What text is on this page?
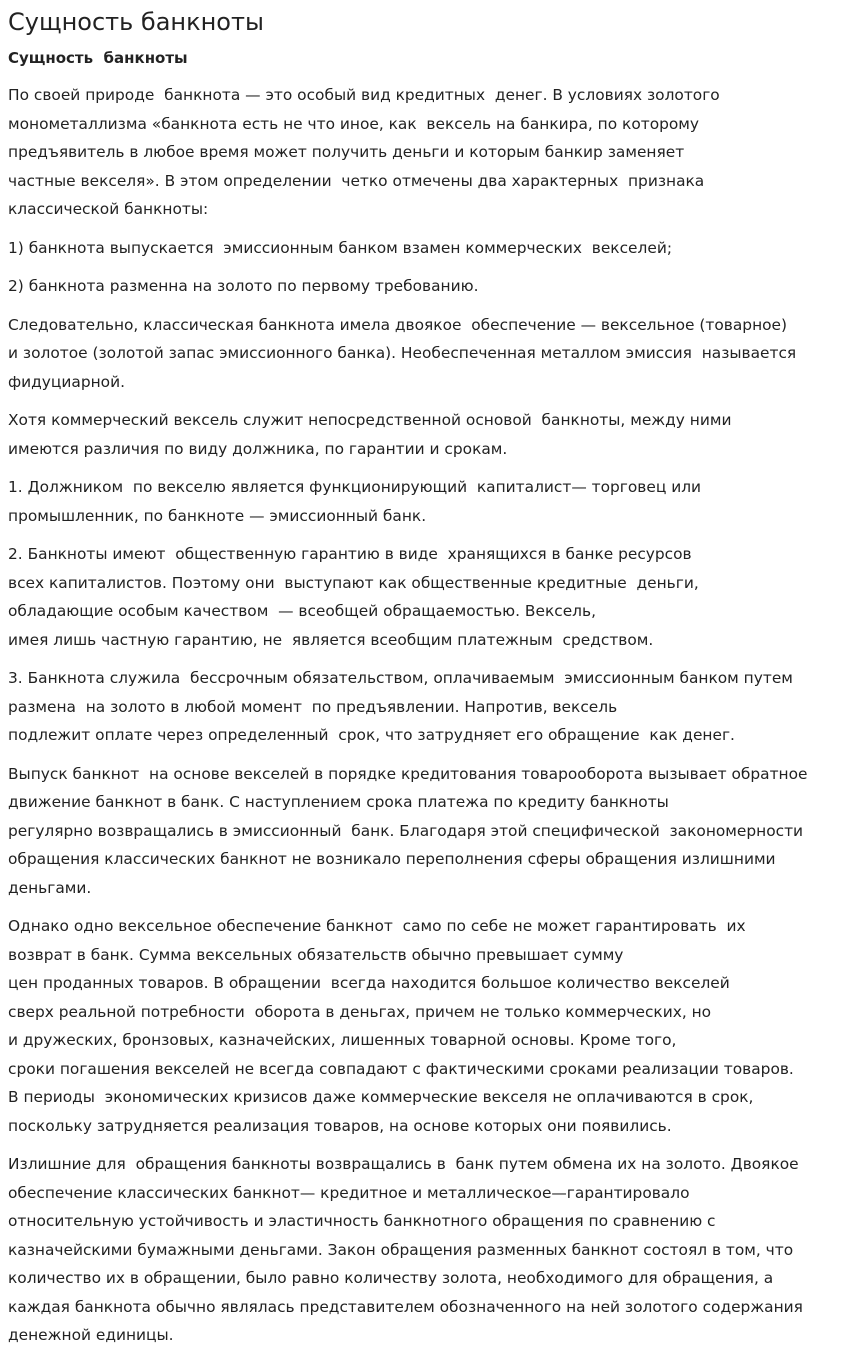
Сущность банкноты
Сущность  банкноты
По своей природе  банкнота — это особый вид кредитных  денег. В условиях золотого
монометаллизма «банкнота есть не что иное, как  вексель на банкира, по которому
предъявитель в любое время может получить деньги и которым банкир заменяет
частные векселя». В этом определении  четко отмечены два характерных  признака
классической банкноты:
1) банкнота выпускается  эмиссионным банком взамен коммерческих  векселей;
2) банкнота разменна на золото по первому требованию.
Следовательно, классическая банкнота имела двоякое  обеспечение — вексельное (товарное)
и золотое (золотой запас эмиссионного банка). Необеспеченная металлом эмиссия  называется
фидуциарной.
Хотя коммерческий вексель служит непосредственной основой  банкноты, между ними
имеются различия по виду должника, по гарантии и срокам.
1. Должником  по векселю является функционирующий  капиталист— торговец или
промышленник, по банкноте — эмиссионный банк.
2. Банкноты имеют  общественную гарантию в виде  хранящихся в банке ресурсов
всех капиталистов. Поэтому они  выступают как общественные кредитные  деньги,
обладающие особым качеством  — всеобщей обращаемостью. Вексель,
имея лишь частную гарантию, не  является всеобщим платежным  средством.
3. Банкнота служила  бессрочным обязательством, оплачиваемым  эмиссионным банком путем
размена  на золото в любой момент  по предъявлении. Напротив, вексель
подлежит оплате через определенный  срок, что затрудняет его обращение  как денег.
Выпуск банкнот  на основе векселей в порядке кредитования товарооборота вызывает обратное
движение банкнот в банк. С наступлением срока платежа по кредиту банкноты
регулярно возвращались в эмиссионный  банк. Благодаря этой специфической  закономерности
обращения классических банкнот не возникало переполнения сферы обращения излишними
деньгами.
Однако одно вексельное обеспечение банкнот  само по себе не может гарантировать  их
возврат в банк. Сумма вексельных обязательств обычно превышает сумму
цен проданных товаров. В обращении  всегда находится большое количество векселей
сверх реальной потребности  оборота в деньгах, причем не только коммерческих, но
и дружеских, бронзовых, казначейских, лишенных товарной основы. Кроме того,
сроки погашения векселей не всегда совпадают с фактическими сроками реализации товаров.
В периоды  экономических кризисов даже коммерческие векселя не оплачиваются в срок,
поскольку затрудняется реализация товаров, на основе которых они появились.
Излишние для  обращения банкноты возвращались в  банк путем обмена их на золото. Двоякое
обеспечение классических банкнот— кредитное и металлическое—гарантировало
относительную устойчивость и эластичность банкнотного обращения по сравнению с
казначейскими бумажными деньгами. Закон обращения разменных банкнот состоял в том, что
количество их в обращении, было равно количеству золота, необходимого для обращения, а
каждая банкнота обычно являлась представителем обозначенного на ней золотого содержания
денежной единицы.
